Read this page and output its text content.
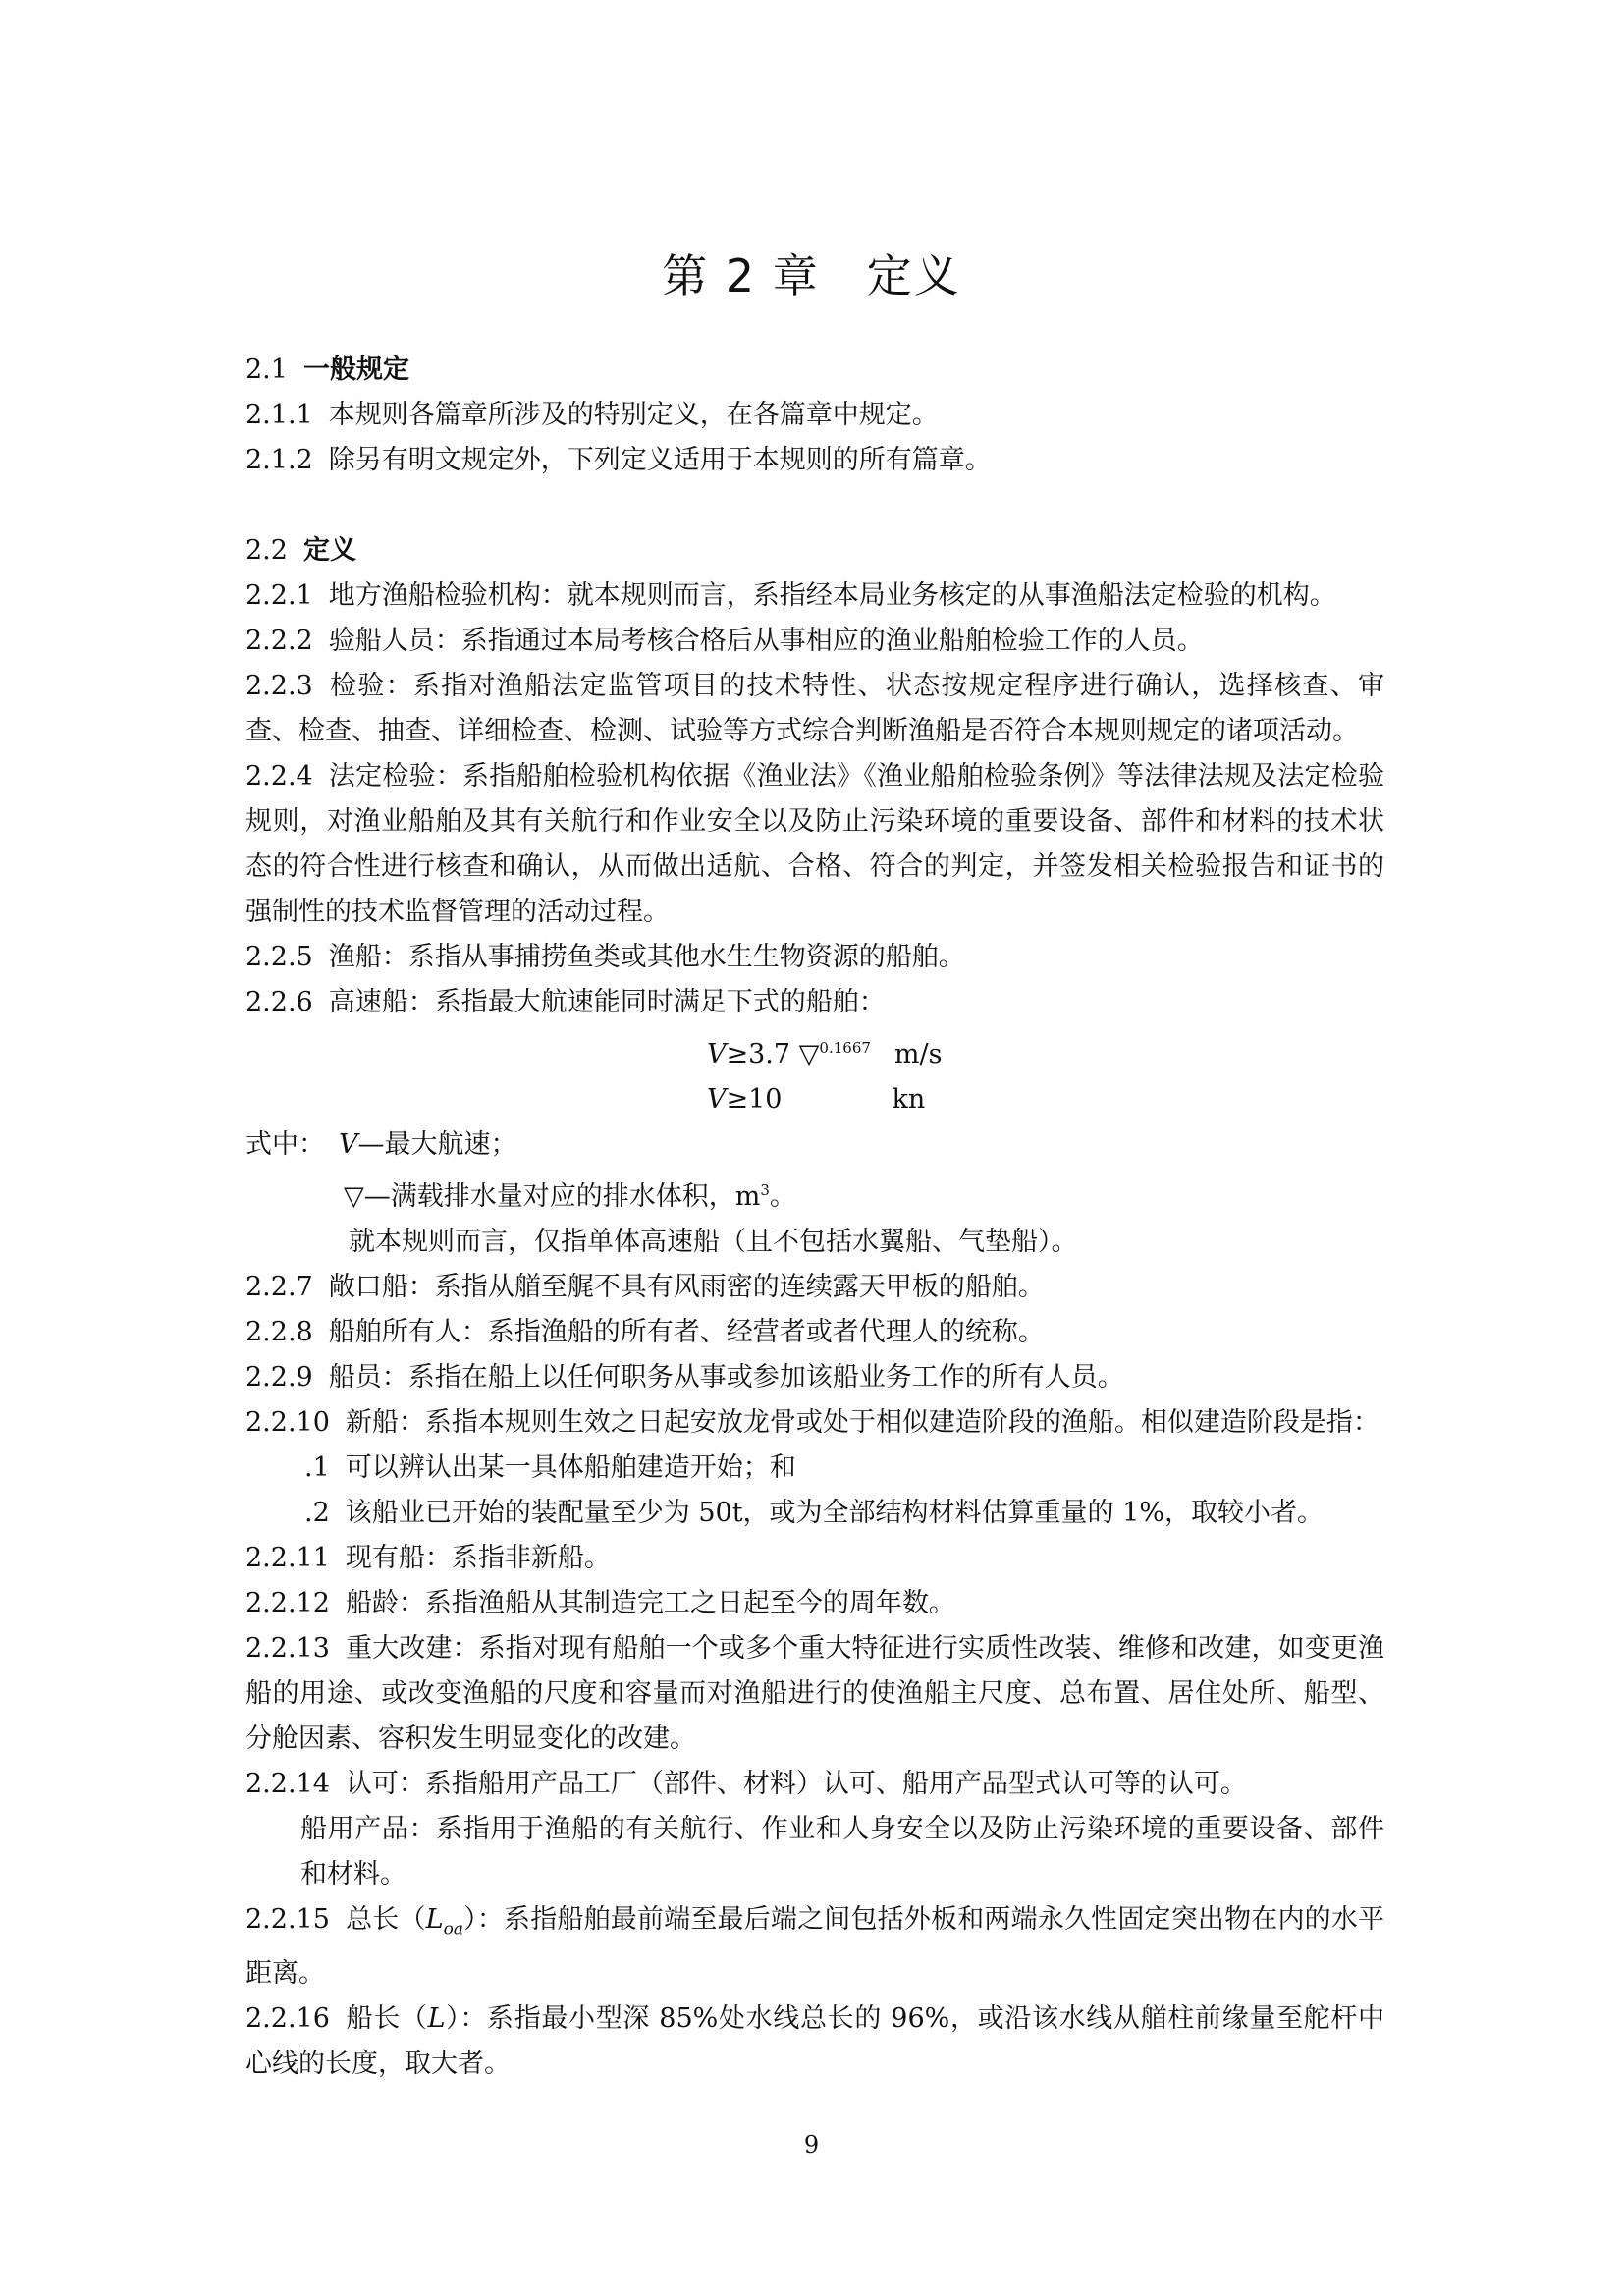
第 2 章　定义

2.1 一般规定

2.1.1 本规则各篇章所涉及的特别定义，在各篇章中规定。

2.1.2 除另有明文规定外，下列定义适用于本规则的所有篇章。

2.2 定义

2.2.1 地方渔船检验机构：就本规则而言，系指经本局业务核定的从事渔船法定检验的机构。

2.2.2 验船人员：系指通过本局考核合格后从事相应的渔业船舶检验工作的人员。

2.2.3 检验：系指对渔船法定监管项目的技术特性、状态按规定程序进行确认，选择核查、审查、检查、抽查、详细检查、检测、试验等方式综合判断渔船是否符合本规则规定的诸项活动。

2.2.4 法定检验：系指船舶检验机构依据《渔业法》《渔业船舶检验条例》等法律法规及法定检验规则，对渔业船舶及其有关航行和作业安全以及防止污染环境的重要设备、部件和材料的技术状态的符合性进行核查和确认，从而做出适航、合格、符合的判定，并签发相关检验报告和证书的强制性的技术监督管理的活动过程。

2.2.5 渔船：系指从事捕捞鱼类或其他水生生物资源的船舶。

2.2.6 高速船：系指最大航速能同时满足下式的船舶：

V≥3.7 ▽$^{0.1667}$ m/s

V≥10	kn

式中： V—最大航速；

▽—满载排水量对应的排水体积，$m^3$。

就本规则而言，仅指单体高速船（且不包括水翼船、气垫船）。

2.2.7 敞口船：系指从艏至艉不具有风雨密的连续露天甲板的船舶。

2.2.8 船舶所有人：系指渔船的所有者、经营者或者代理人的统称。

2.2.9 船员：系指在船上以任何职务从事或参加该船业务工作的所有人员。

2.2.10 新船：系指本规则生效之日起安放龙骨或处于相似建造阶段的渔船。相似建造阶段是指：

.1 可以辨认出某一具体船舶建造开始；和

.2 该船业已开始的装配量至少为 50t，或为全部结构材料估算重量的 1%，取较小者。

2.2.11 现有船：系指非新船。

2.2.12 船龄：系指渔船从其制造完工之日起至今的周年数。

2.2.13 重大改建：系指对现有船舶一个或多个重大特征进行实质性改装、维修和改建，如变更渔船的用途、或改变渔船的尺度和容量而对渔船进行的使渔船主尺度、总布置、居住处所、船型、分舱因素、容积发生明显变化的改建。

2.2.14 认可：系指船用产品工厂（部件、材料）认可、船用产品型式认可等的认可。

船用产品：系指用于渔船的有关航行、作业和人身安全以及防止污染环境的重要设备、部件和材料。

2.2.15 总长$(L_{oa})$：系指船舶最前端至最后端之间包括外板和两端永久性固定突出物在内的水平距离。

2.2.16 船长（L）：系指最小型深 85%处水线总长的 96%，或沿该水线从艏柱前缘量至舵杆中心线的长度，取大者。

9
